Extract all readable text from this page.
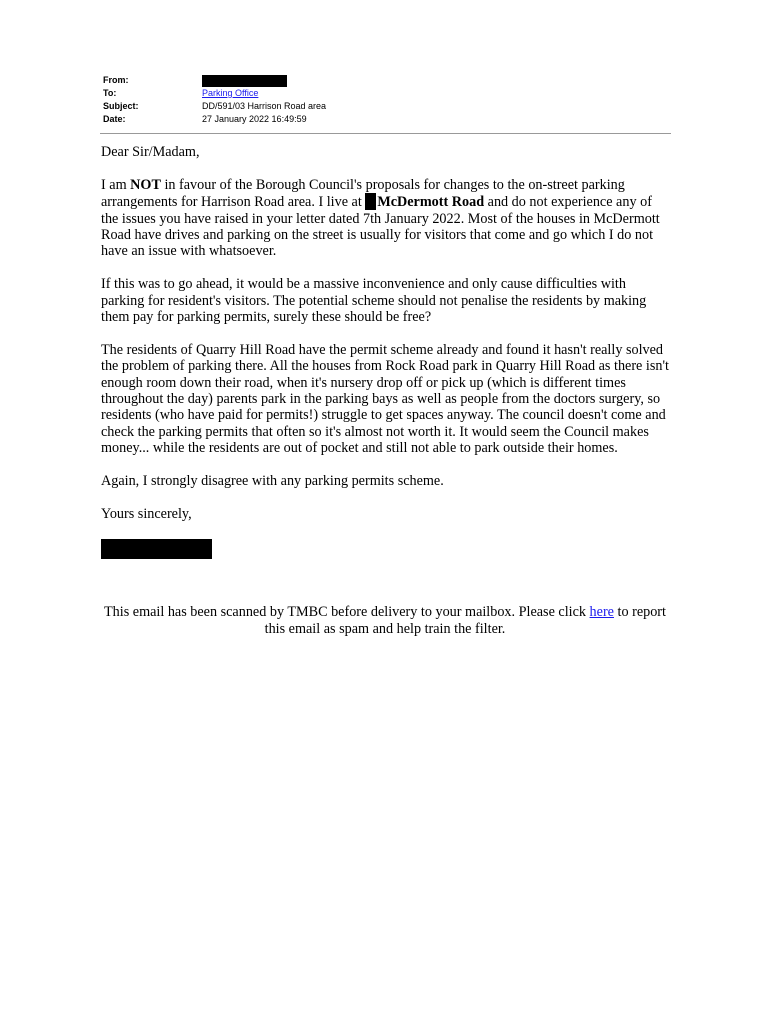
From:
To:	Parking Office
Subject:	DD/591/03 Harrison Road area
Date:	27 January 2022 16:49:59

Dear Sir/Madam,

I am NOT in favour of the Borough Council's proposals for changes to the on-street parking arrangements for Harrison Road area. I live at McDermott Road and do not experience any of the issues you have raised in your letter dated 7th January 2022. Most of the houses in McDermott Road have drives and parking on the street is usually for visitors that come and go which I do not have an issue with whatsoever.

If this was to go ahead, it would be a massive inconvenience and only cause difficulties with parking for resident's visitors. The potential scheme should not penalise the residents by making them pay for parking permits, surely these should be free?

The residents of Quarry Hill Road have the permit scheme already and found it hasn't really solved the problem of parking there. All the houses from Rock Road park in Quarry Hill Road as there isn't enough room down their road, when it's nursery drop off or pick up (which is different times throughout the day) parents park in the parking bays as well as people from the doctors surgery, so residents (who have paid for permits!) struggle to get spaces anyway. The council doesn't come and check the parking permits that often so it's almost not worth it. It would seem the Council makes money... while the residents are out of pocket and still not able to park outside their homes.

Again, I strongly disagree with any parking permits scheme.

Yours sincerely,

This email has been scanned by TMBC before delivery to your mailbox. Please click here to report this email as spam and help train the filter.
